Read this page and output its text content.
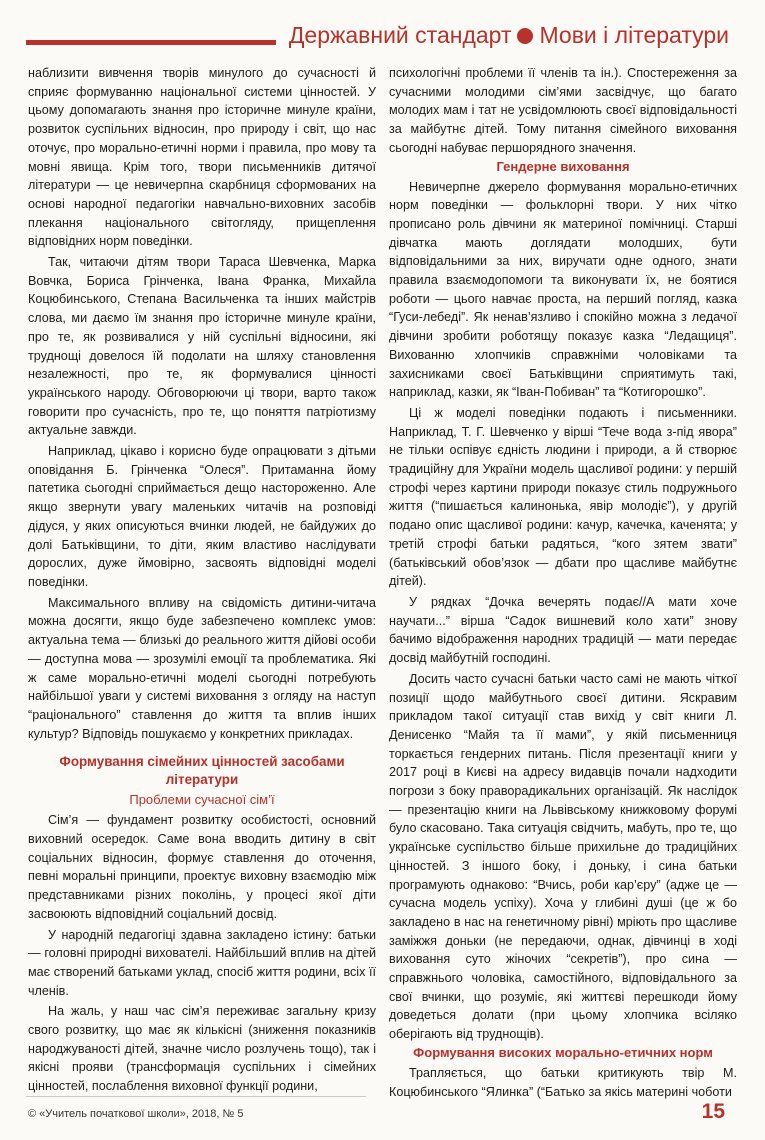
Державний стандарт Мови і літератури

наблизити вивчення творів минулого до сучасності й сприяє формуванню національної системи цінностей. У цьому допомагають знання про історичне минуле країни, розвиток суспільних відносин, про природу і світ, що нас оточує, про морально-етичні норми і правила, про мову та мовні явища. Крім того, твори письменників дитячої літератури — це невичерпна скарбниця сформованих на основі народної педагогіки навчально-виховних засобів плекання національного світогляду, прищеплення відповідних норм поведінки.

Так, читаючи дітям твори Тараса Шевченка, Марка Вовчка, Бориса Грінченка, Івана Франка, Михайла Коцюбинського, Степана Васильченка та інших майстрів слова, ми даємо їм знання про історичне минуле країни, про те, як розвивалися у ній суспільні відносини, які труднощі довелося їй подолати на шляху становлення незалежності, про те, як формувалися цінності українського народу. Обговорюючи ці твори, варто також говорити про сучасність, про те, що поняття патріотизму актуальне завжди.

Наприклад, цікаво і корисно буде опрацювати з дітьми оповідання Б. Грінченка “Олеся”. Притаманна йому патетика сьогодні сприймається дещо настороженно. Але якщо звернути увагу маленьких читачів на розповіді дідуся, у яких описуються вчинки людей, не байдужих до долі Батьківщини, то діти, яким властиво наслідувати дорослих, дуже ймовірно, засвоять відповідні моделі поведінки.

Максимального впливу на свідомість дитини-читача можна досягти, якщо буде забезпечено комплекс умов: актуальна тема — близькі до реального життя дійові особи — доступна мова — зрозумілі емоції та проблематика. Які ж саме морально-етичні моделі сьогодні потребують найбільшої уваги у системі виховання з огляду на наступ “раціонального” ставлення до життя та вплив інших культур? Відповідь пошукаємо у конкретних прикладах.

Формування сімейних цінностей засобами літератури
Проблеми сучасної сім’ї

Сім’я — фундамент розвитку особистості, основний виховний осередок. Саме вона вводить дитину в світ соціальних відносин, формує ставлення до оточення, певні моральні принципи, проектує виховну взаємодію між представниками різних поколінь, у процесі якої діти засвоюють відповідний соціальний досвід.

У народній педагогіці здавна закладено істину: батьки — головні природні вихователі. Найбільший вплив на дітей має створений батьками уклад, спосіб життя родини, всіх її членів.

На жаль, у наш час сім’я переживає загальну кризу свого розвитку, що має як кількісні (зниження показників народжуваності дітей, значне число розлучень тощо), так і якісні прояви (трансформація суспільних і сімейних цінностей, послаблення виховної функції родини,

психологічні проблеми її членів та ін.). Спостереження за сучасними молодими сім’ями засвідчує, що багато молодих мам і тат не усвідомлюють своєї відповідальності за майбутнє дітей. Тому питання сімейного виховання сьогодні набуває першорядного значення.

Гендерне виховання

Невичерпне джерело формування морально-етичних норм поведінки — фольклорні твори. У них чітко прописано роль дівчини як материної помічниці. Старші дівчатка мають доглядати молодших, бути відповідальними за них, виручати одне одного, знати правила взаємодопомоги та виконувати їх, не боятися роботи — цього навчає проста, на перший погляд, казка “Гуси-лебеді”. Як ненав’язливо і спокійно можна з ледачої дівчини зробити роботящу показує казка “Ледащиця”. Вихованню хлопчиків справжніми чоловіками та захисниками своєї Батьківщини сприятимуть такі, наприклад, казки, як “Іван-Побиван” та “Котигорошко”.

Ці ж моделі поведінки подають і письменники. Наприклад, Т. Г. Шевченко у вірші “Тече вода з-під явора” не тільки оспівує єдність людини і природи, а й створює традиційну для України модель щасливої родини: у першій строфі через картини природи показує стиль подружнього життя (“пишається калинонька, явір молодіє”), у другій подано опис щасливої родини: качур, качечка, каченята; у третій строфі батьки радяться, “кого зятем звати” (батьківський обов’язок — дбати про щасливе майбутнє дітей).

У рядках “Дочка вечерять подає//А мати хоче научати...” вірша “Садок вишневий коло хати” знову бачимо відображення народних традицій — мати передає досвід майбутній господині.

Досить часто сучасні батьки часто самі не мають чіткої позиції щодо майбутнього своєї дитини. Яскравим прикладом такої ситуації став вихід у світ книги Л. Денисенко “Майя та її мами”, у якій письменниця торкається гендерних питань. Після презентації книги у 2017 році в Києві на адресу видавців почали надходити погрози з боку праворадикальних організацій. Як наслідок — презентацію книги на Львівському книжковому форумі було скасовано. Така ситуація свідчить, мабуть, про те, що українське суспільство більше прихильне до традиційних цінностей. З іншого боку, і доньку, і сина батьки програмують однаково: “Вчись, роби кар’єру” (адже це — сучасна модель успіху). Хоча у глибині душі (це ж бо закладено в нас на генетичному рівні) мріють про щасливе заміжжя доньки (не передаючи, однак, дівчинці в ході виховання суто жіночих “секретів”), про сина — справжнього чоловіка, самостійного, відповідального за свої вчинки, що розуміє, які життєві перешкоди йому доведеться долати (при цьому хлопчика всіляко оберігають від труднощів).

Формування високих морально-етичних норм

Трапляється, що батьки критикують твір М. Коцюбинського “Ялинка” (“Батько за якісь материні чоботи

© «Учитель початкової школи», 2018, № 5	15
